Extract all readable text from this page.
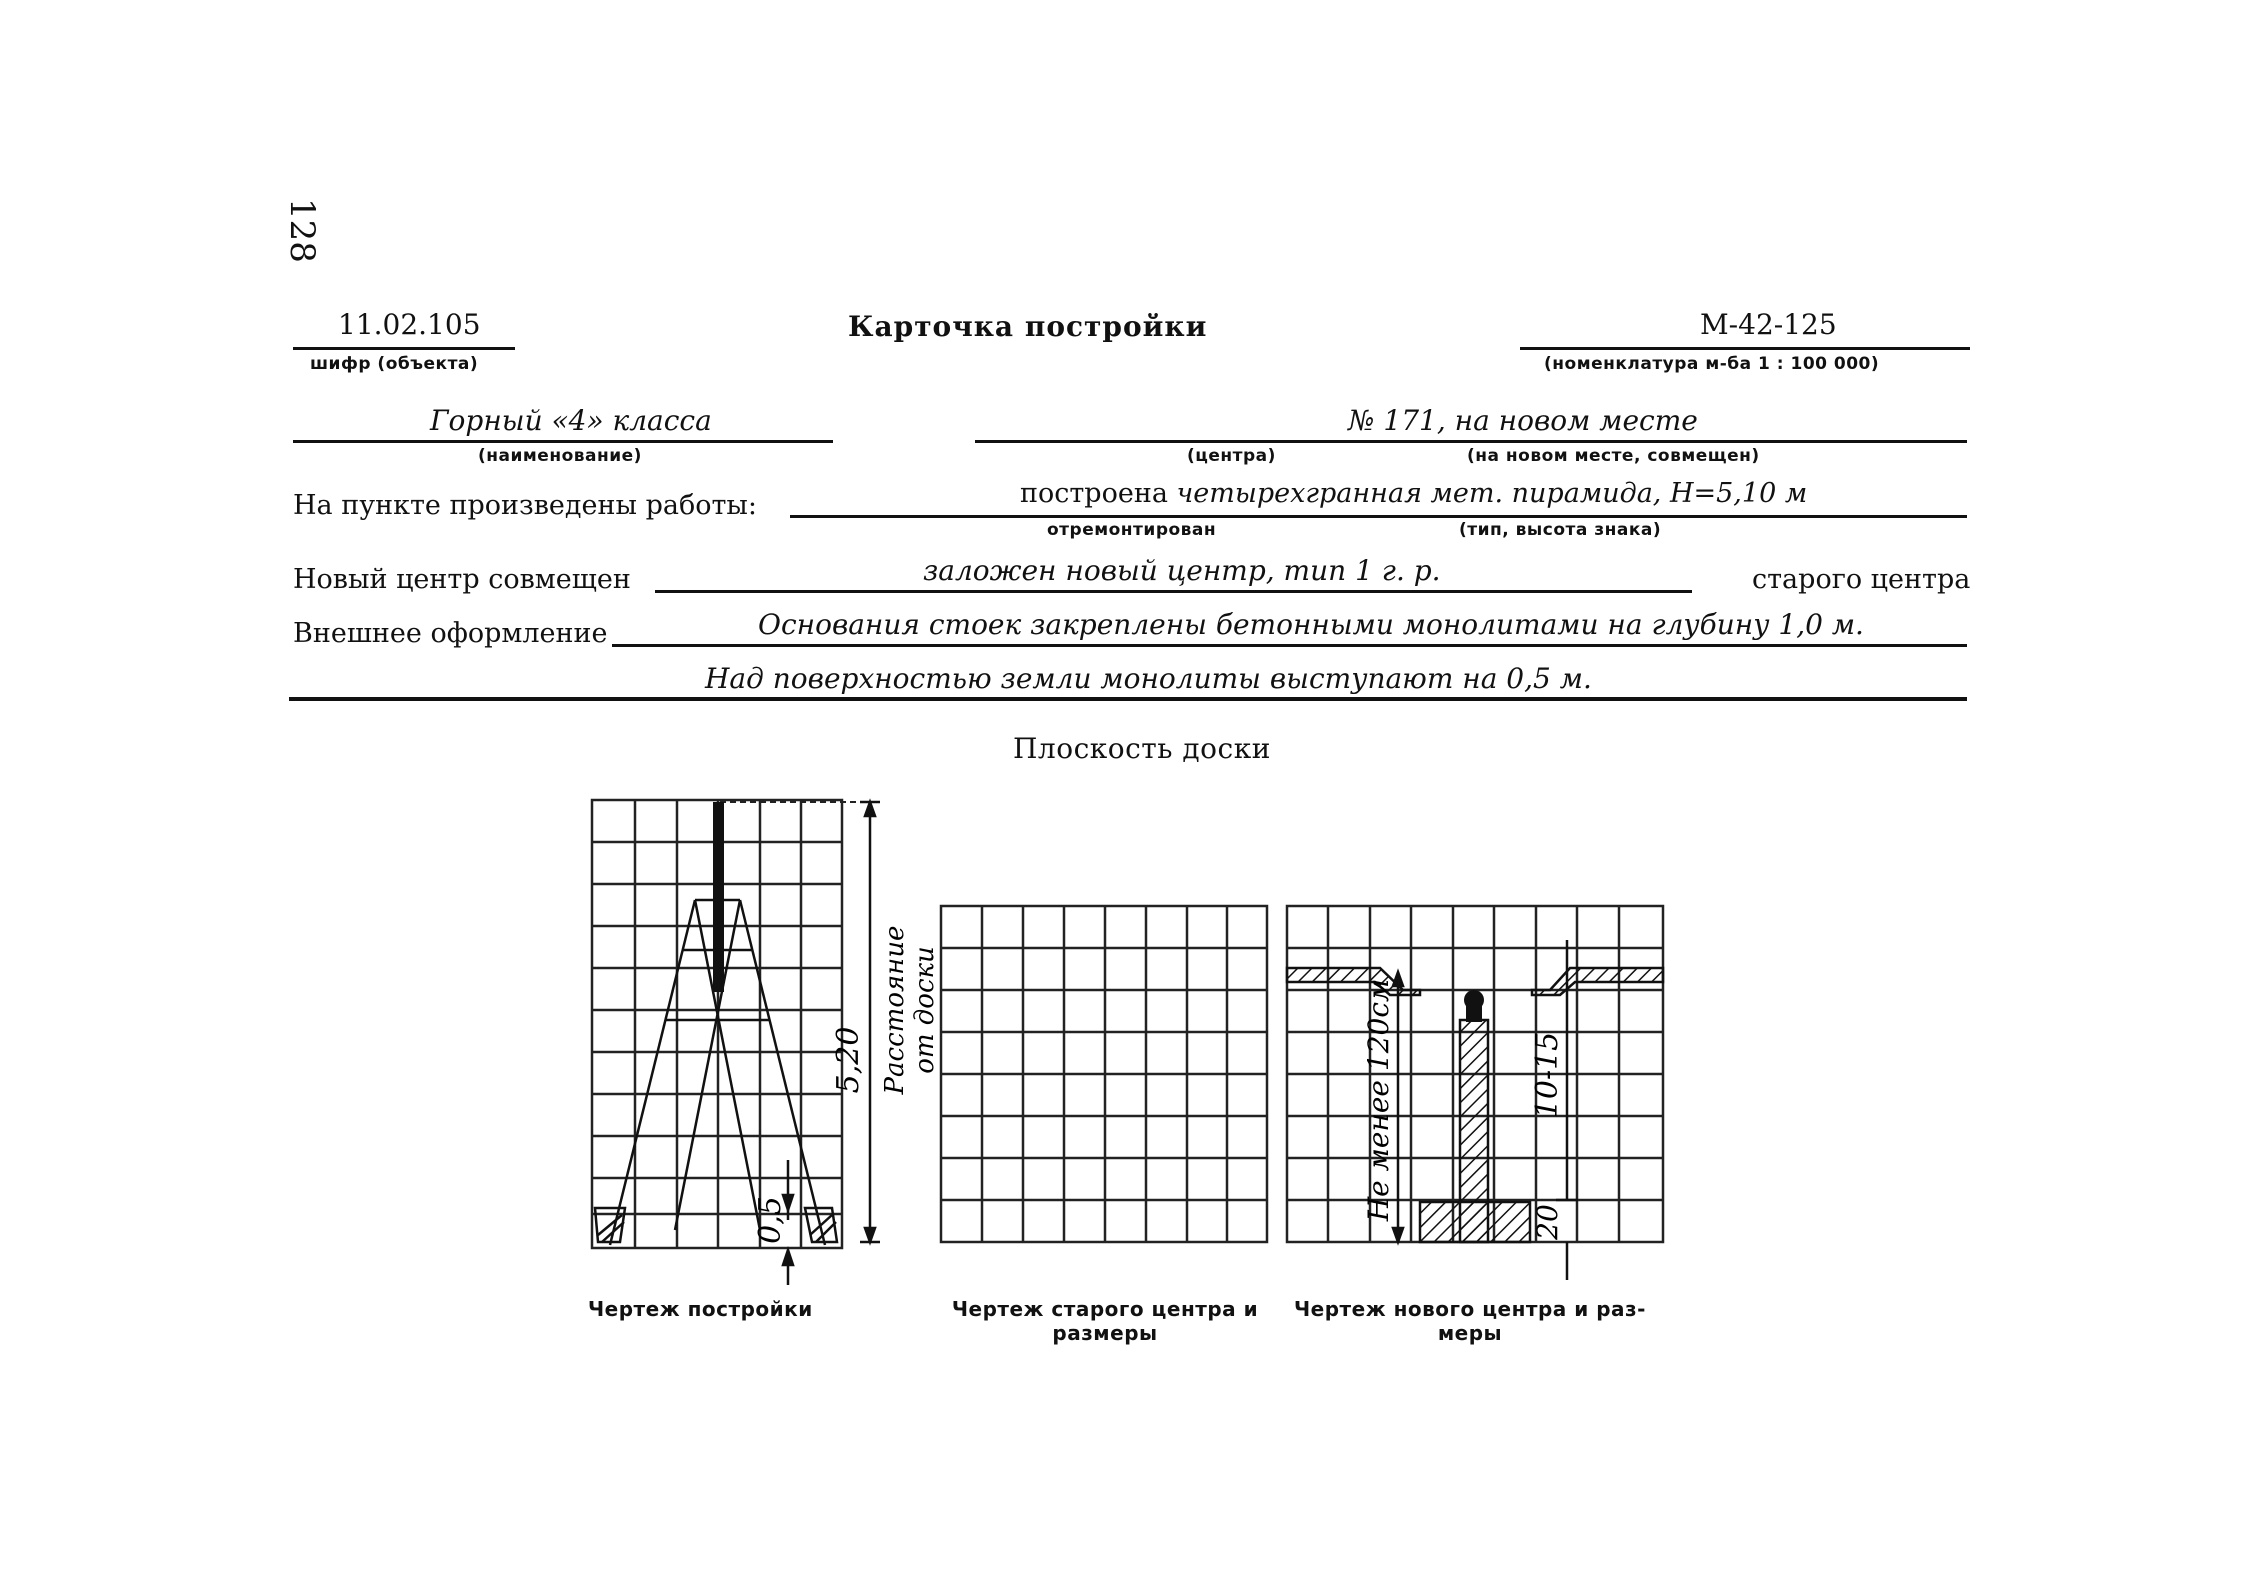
128
11.02.105
шифр (объекта)
Карточка постройки	М-42-125
(номенклатура м-ба 1 : 100 000)
Горный «4» класса
(наименование)
№ 171, на новом месте
(центра)	(на новом месте, совмещен)
На пункте произведены работы:	построена четырехгранная мет. пирамида, H=5,10 м
отремонтирован	(тип, высота знака)
Новый центр совмещен	заложен новый центр, тип 1 г. р.	старого центра
Внешнее оформление	Основания стоек закреплены бетонными монолитами на глубину 1,0 м.
Над поверхностью земли монолиты выступают на 0,5 м.
Плоскость доски
5,20
0,5
Расстояние от доски	Не менее 120см	10-15
20
Чертеж постройки	Чертеж старого центра и
размеры
Чертеж нового центра и раз-
меры
